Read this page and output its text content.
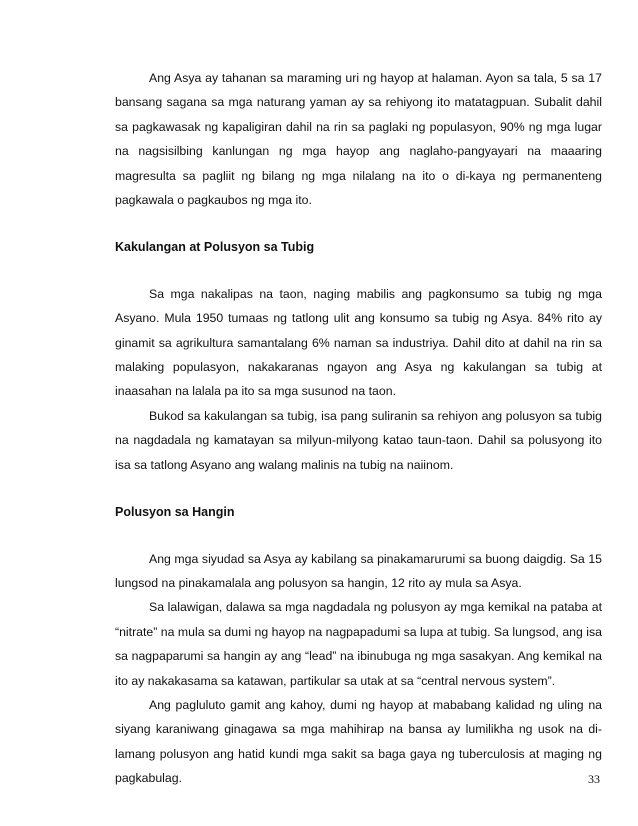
Ang Asya ay tahanan sa maraming uri ng hayop at halaman. Ayon sa tala, 5 sa 17 bansang sagana sa mga naturang yaman ay sa rehiyong ito matatagpuan. Subalit dahil sa pagkawasak ng kapaligiran dahil na rin sa paglaki ng populasyon, 90% ng mga lugar na nagsisilbing kanlungan ng mga hayop ang naglaho-pangyayari na maaaring magresulta sa pagliit ng bilang ng mga nilalang na ito o di-kaya ng permanenteng pagkawala o pagkaubos ng mga ito.

Kakulangan at Polusyon sa Tubig

Sa mga nakalipas na taon, naging mabilis ang pagkonsumo sa tubig ng mga Asyano. Mula 1950 tumaas ng tatlong ulit ang konsumo sa tubig ng Asya. 84% rito ay ginamit sa agrikultura samantalang 6% naman sa industriya. Dahil dito at dahil na rin sa malaking populasyon, nakakaranas ngayon ang Asya ng kakulangan sa tubig at inaasahan na lalala pa ito sa mga susunod na taon.

Bukod sa kakulangan sa tubig, isa pang suliranin sa rehiyon ang polusyon sa tubig na nagdadala ng kamatayan sa milyun-milyong katao taun-taon. Dahil sa polusyong ito isa sa tatlong Asyano ang walang malinis na tubig na naiinom.

Polusyon sa Hangin

Ang mga siyudad sa Asya ay kabilang sa pinakamarurumi sa buong daigdig. Sa 15 lungsod na pinakamalala ang polusyon sa hangin, 12 rito ay mula sa Asya.

Sa lalawigan, dalawa sa mga nagdadala ng polusyon ay mga kemikal na pataba at “nitrate” na mula sa dumi ng hayop na nagpapadumi sa lupa at tubig. Sa lungsod, ang isa sa nagpaparumi sa hangin ay ang “lead” na ibinubuga ng mga sasakyan. Ang kemikal na ito ay nakakasama sa katawan, partikular sa utak at sa “central nervous system”.

Ang pagluluto gamit ang kahoy, dumi ng hayop at mababang kalidad ng uling na siyang karaniwang ginagawa sa mga mahihirap na bansa ay lumilikha ng usok na di-lamang polusyon ang hatid kundi mga sakit sa baga gaya ng tuberculosis at maging ng pagkabulag.	33
